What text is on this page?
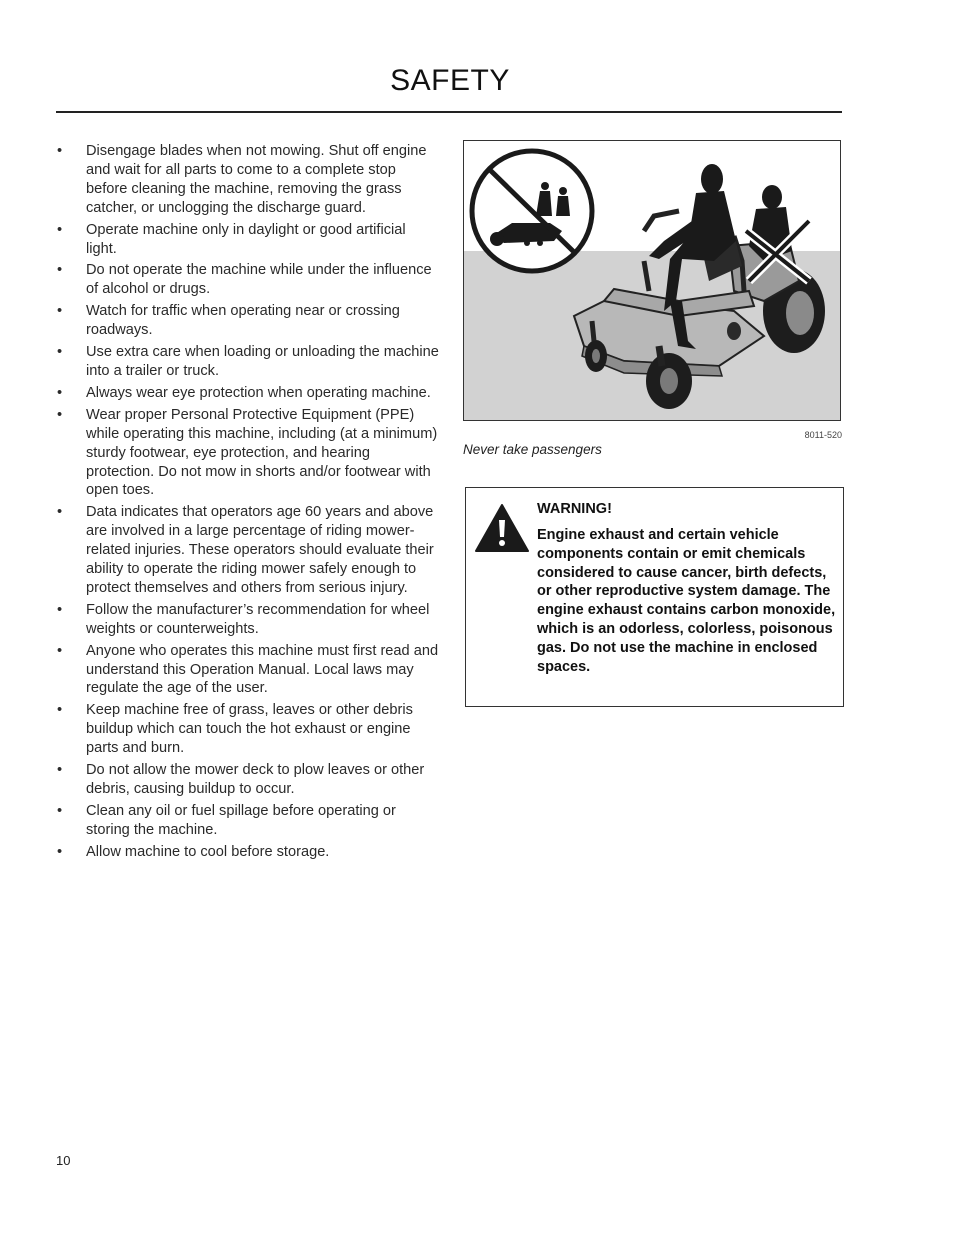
SAFETY
• Disengage blades when not mowing. Shut off engine and wait for all parts to come to a complete stop before cleaning the machine, removing the grass catcher, or unclogging the discharge guard.
• Operate machine only in daylight or good artificial light.
• Do not operate the machine while under the influence of alcohol or drugs.
• Watch for traffic when operating near or crossing roadways.
• Use extra care when loading or unloading the machine into a trailer or truck.
• Always wear eye protection when operating machine.
• Wear proper Personal Protective Equipment (PPE) while operating this machine, including (at a minimum) sturdy footwear, eye protection, and hearing protection. Do not mow in shorts and/or footwear with open toes.
• Data indicates that operators age 60 years and above are involved in a large percentage of riding mower-related injuries. These operators should evaluate their ability to operate the riding mower safely enough to protect themselves and others from serious injury.
• Follow the manufacturer’s recommendation for wheel weights or counterweights.
• Anyone who operates this machine must first read and understand this Operation Manual. Local laws may regulate the age of the user.
• Keep machine free of grass, leaves or other debris buildup which can touch the hot exhaust or engine parts and burn.
• Do not allow the mower deck to plow leaves or other debris, causing buildup to occur.
• Clean any oil or fuel spillage before operating or storing the machine.
• Allow machine to cool before storage.
8011-520
Never take passengers
WARNING!
Engine exhaust and certain vehicle components contain or emit chemicals considered to cause cancer, birth defects, or other reproductive system damage. The engine exhaust contains carbon monoxide, which is an odorless, colorless, poisonous gas. Do not use the machine in enclosed spaces.
10
